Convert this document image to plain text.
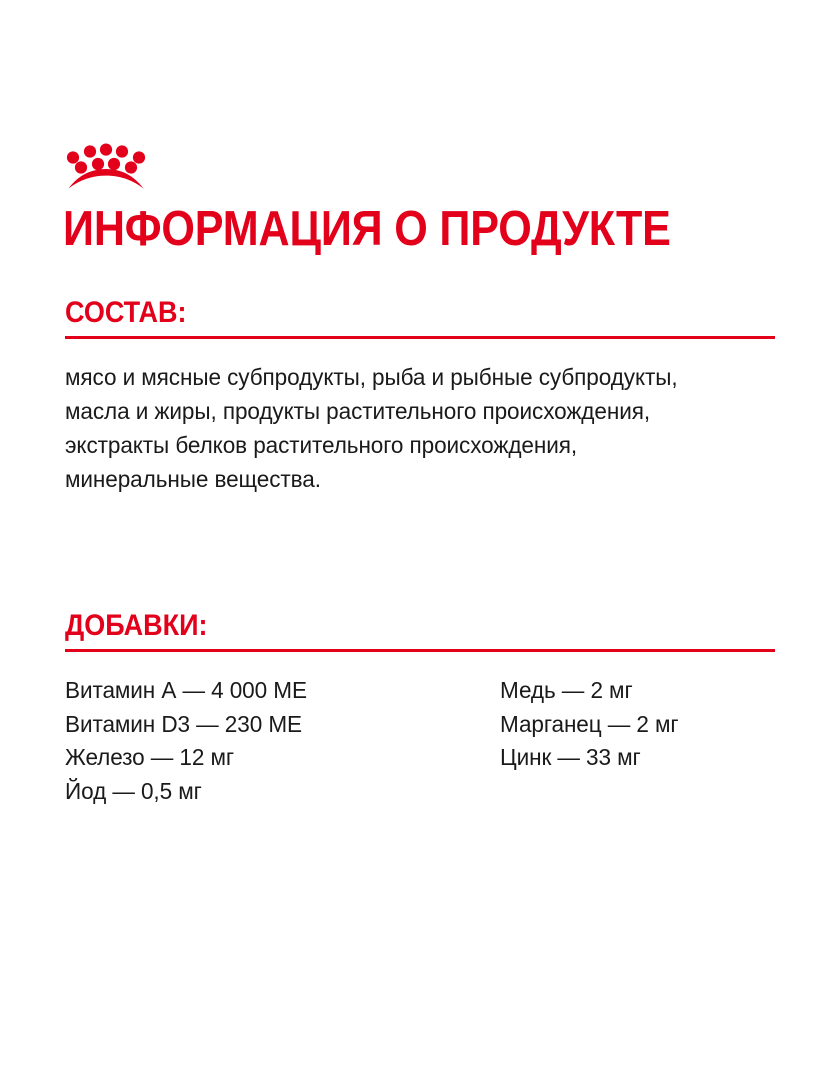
ИНФОРМАЦИЯ О ПРОДУКТЕ
СОСТАВ:

мясо и мясные субпродукты, рыба и рыбные субпродукты, масла и жиры, продукты растительного происхождения, экстракты белков растительного происхождения, минеральные вещества.

ДОБАВКИ:
Витамин А — 4 000 МЕ
Витамин D3 — 230 МЕ
Железо — 12 мг
Йод — 0,5 мг
Медь — 2 мг
Марганец — 2 мг
Цинк — 33 мг
